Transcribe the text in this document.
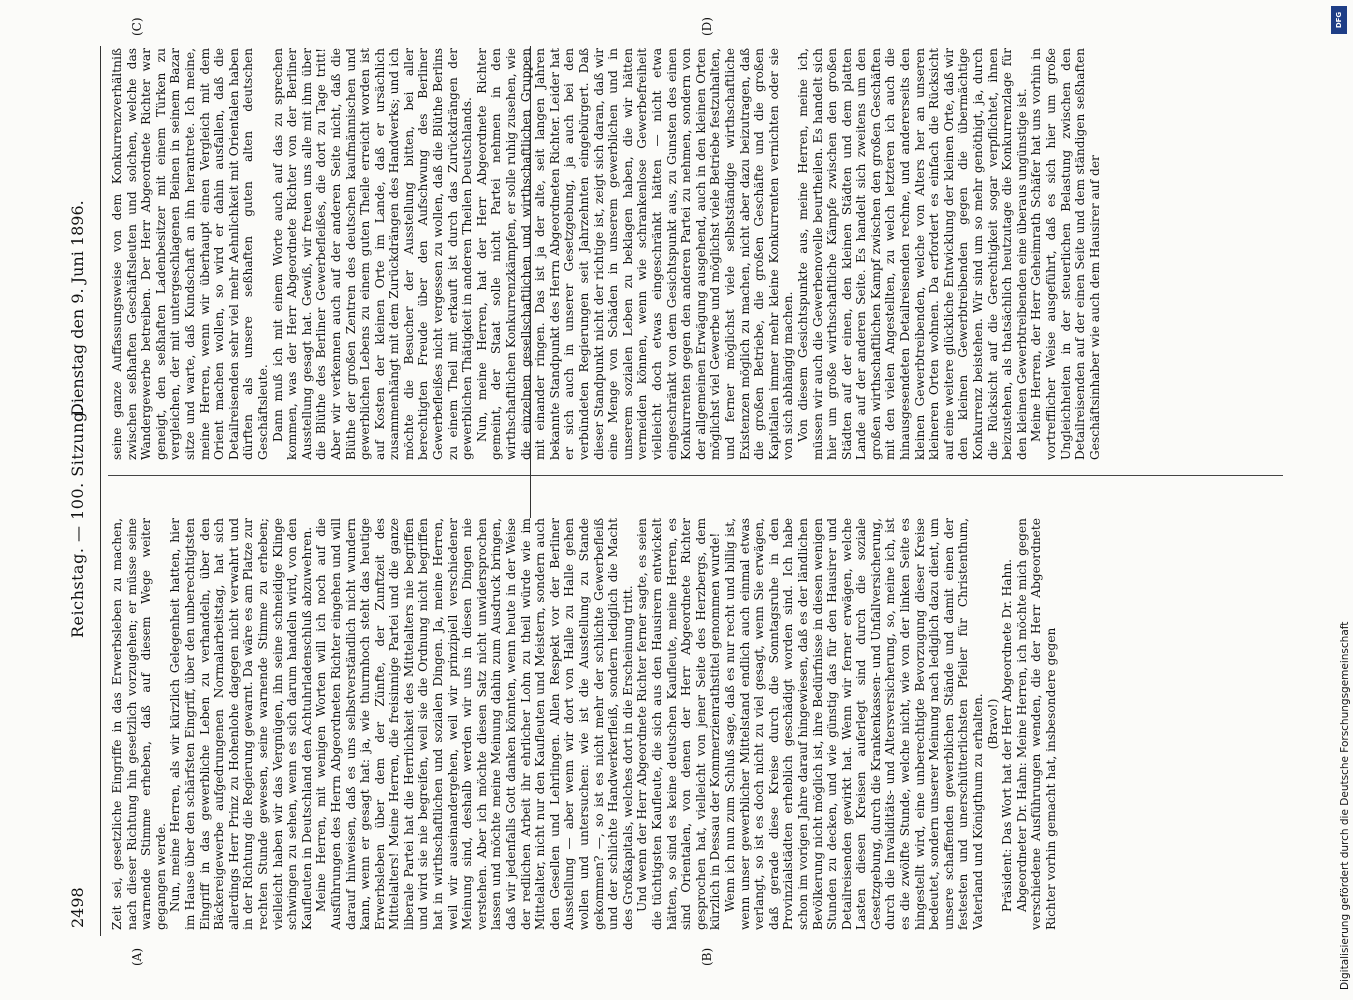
2498
Reichstag. — 100. Sitzung.
Dienstag den 9. Juni 1896.
(A)	(B)
(C)	(D)

Zeit sei, gesetzliche Eingriffe in das Erwerbsleben zu machen, nach dieser Richtung hin gesetzlich vorzugehen; er müsse seine warnende Stimme erheben, daß auf diesem Wege weiter gegangen werde. Nun, meine Herren, als wir kürzlich Gelegenheit hatten, hier im Hause über den schärfsten Eingriff, über den unberechtigtsten Eingriff in das gewerbliche Leben zu verhandeln, über den Bäckereigewerbe aufgedrungenen Normalarbeitstag, hat sich allerdings Herr Prinz zu Hohenlohe dagegen nicht verwahrt und in der Richtung die Regierung gewarnt. Da wäre es am Platze zur rechten Stunde gewesen, seine warnende Stimme zu erheben; vielleicht haben wir das Vergnügen, ihn seine schneidige Klinge schwingen zu sehen, wenn es sich darum handeln wird, von den Kaufleuten in Deutschland den Achtuhrladenschluß abzuwehren. Meine Herren, mit wenigen Worten will ich noch auf die Ausführungen des Herrn Abgeordneten Richter eingehen und will darauf hinweisen, daß es uns selbstverständlich nicht wundern kann, wenn er gesagt hat: ja, wie thurmhoch steht das heutige Erwerbsleben über dem der Zünfte, der Zunftzeit des Mittelalters! Meine Herren, die freisinnige Partei und die ganze liberale Partei hat die Herrlichkeit des Mittelalters nie begriffen und wird sie nie begreifen, weil sie die Ordnung nicht begriffen hat in wirthschaftlichen und sozialen Dingen. Ja, meine Herren, weil wir auseinandergehen, weil wir prinzipiell verschiedener Meinung sind, deshalb werden wir uns in diesen Dingen nie verstehen. Aber ich möchte diesen Satz nicht unwidersprochen lassen und möchte meine Meinung dahin zum Ausdruck bringen, daß wir jedenfalls Gott danken könnten, wenn heute in der Weise der redlichen Arbeit ihr ehrlicher Lohn zu theil würde wie im Mittelalter, nicht nur den Kaufleuten und Meistern, sondern auch den Gesellen und Lehrlingen. Allen Respekt vor der Berliner Ausstellung — aber wenn wir dort von Halle zu Halle gehen wollen und untersuchen: wie ist die Ausstellung zu Stande gekommen? —, so ist es nicht mehr der schlichte Gewerbefleiß und der schlichte Handwerkerfleiß, sondern lediglich die Macht des Großkapitals, welches dort in die Erscheinung tritt. Und wenn der Herr Abgeordnete Richter ferner sagte, es seien die tüchtigsten Kaufleute, die sich aus den Hausirern entwickelt hätten, so sind es keine deutschen Kaufleute, meine Herren, es sind Orientalen, von denen der Herr Abgeordnete Richter gesprochen hat, vielleicht von jener Seite des Herzbergs, dem kürzlich in Dessau der Kommerzienrathstitel genommen wurde! Wenn ich nun zum Schluß sage, daß es nur recht und billig ist, wenn unser gewerblicher Mittelstand endlich auch einmal etwas verlangt, so ist es doch nicht zu viel gesagt, wenn Sie erwägen, daß gerade diese Kreise durch die Sonntagsruhe in den Provinzialstädten erheblich geschädigt worden sind. Ich habe schon im vorigen Jahre darauf hingewiesen, daß es der ländlichen Bevölkerung nicht möglich ist, ihre Bedürfnisse in diesen wenigen Stunden zu decken, und wie günstig das für den Hausirer und Detailreisenden gewirkt hat. Wenn wir ferner erwägen, welche Lasten diesen Kreisen auferlegt sind durch die soziale Gesetzgebung, durch die Krankenkassen- und Unfallversicherung, durch die Invaliditäts- und Altersversicherung, so, meine ich, ist es die zwölfte Stunde, welche nicht, wie von der linken Seite es hingestellt wird, eine unberechtigte Bevorzugung dieser Kreise bedeutet, sondern unserer Meinung nach lediglich dazu dient, um unsere schaffenden gewerblichen Stände und damit einen der festesten und unerschütterlichsten Pfeiler für Christenthum, Vaterland und Königthum zu erhalten. (Bravo!) Präsident: Das Wort hat der Herr Abgeordnete Dr. Hahn. Abgeordneter Dr. Hahn: Meine Herren, ich möchte mich gegen verschiedene Ausführungen wenden, die der Herr Abgeordnete Richter vorhin gemacht hat, insbesondere gegen

seine ganze Auffassungsweise von dem Konkurrenzverhältniß zwischen seßhaften Geschäftsleuten und solchen, welche das Wandergewerbe betreiben. Der Herr Abgeordnete Richter war geneigt, den seßhaften Ladenbesitzer mit einem Türken zu vergleichen, der mit untergeschlagenen Beinen in seinem Bazar sitze und warte, daß Kundschaft an ihn herantrete. Ich meine, meine Herren, wenn wir überhaupt einen Vergleich mit dem Orient machen wollen, so wird er dahin ausfallen, daß die Detailreisenden sehr viel mehr Aehnlichkeit mit Orientalen haben dürften als unsere seßhaften guten alten deutschen Geschäftsleute. Dann muß ich mit einem Worte auch auf das zu sprechen kommen, was der Herr Abgeordnete Richter von der Berliner Ausstellung gesagt hat. Gewiß, wir freuen uns alle mit ihm über die Blüthe des Berliner Gewerbefleißes, die dort zu Tage tritt! Aber wir verkennen auch auf der anderen Seite nicht, daß die Blüthe der großen Zentren des deutschen kaufmännischen und gewerblichen Lebens zu einem guten Theile erreicht worden ist auf Kosten der kleinen Orte im Lande, daß er ursächlich zusammenhängt mit dem Zurückdrängen des Handwerks; und ich möchte die Besucher der Ausstellung bitten, bei aller berechtigten Freude über den Aufschwung des Berliner Gewerbefleißes nicht vergessen zu wollen, daß die Blüthe Berlins zu einem Theil mit erkauft ist durch das Zurückdrängen der gewerblichen Thätigkeit in anderen Theilen Deutschlands. Nun, meine Herren, hat der Herr Abgeordnete Richter gemeint, der Staat solle nicht Partei nehmen in den wirthschaftlichen Konkurrenzkämpfen, er solle ruhig zusehen, wie die einzelnen gesellschaftlichen und wirthschaftlichen Gruppen mit einander ringen. Das ist ja der alte, seit langen Jahren bekannte Standpunkt des Herrn Abgeordneten Richter. Leider hat er sich auch in unserer Gesetzgebung, ja auch bei den verbündeten Regierungen seit Jahrzehnten eingebürgert. Daß dieser Standpunkt nicht der richtige ist, zeigt sich daran, daß wir eine Menge von Schäden in unserem gewerblichen und in unserem sozialen Leben zu beklagen haben, die wir hätten vermeiden können, wenn wie schrankenlose Gewerbefreiheit vielleicht doch etwas eingeschränkt hätten — nicht etwa eingeschränkt von dem Gesichtspunkt aus, zu Gunsten des einen Konkurrenten gegen den anderen Partei zu nehmen, sondern von der allgemeinen Erwägung ausgehend, auch in den kleinen Orten möglichst viel Gewerbe und möglichst viele Betriebe festzuhalten, und ferner möglichst viele selbstständige wirthschaftliche Existenzen möglich zu machen, nicht aber dazu beizutragen, daß die großen Betriebe, die großen Geschäfte und die großen Kapitalien immer mehr kleine Konkurrenten vernichten oder sie von sich abhängig machen. Von diesem Gesichtspunkte aus, meine Herren, meine ich, müssen wir auch die Gewerbenovelle beurtheilen. Es handelt sich hier um große wirthschaftliche Kämpfe zwischen den großen Städten auf der einen, den kleinen Städten und dem platten Lande auf der anderen Seite. Es handelt sich zweitens um den großen wirthschaftlichen Kampf zwischen den großen Geschäften mit den vielen Angestellten, zu welch letzteren ich auch die hinausgesendeten Detailreisenden rechne, und andererseits den kleinen Gewerbtreibenden, welche von Alters her an unseren kleineren Orten wohnen. Da erfordert es einfach die Rücksicht auf eine weitere glückliche Entwicklung der kleinen Orte, daß wir den kleinen Gewerbtreibenden gegen die übermächtige Konkurrenz beistehen. Wir sind um so mehr genöthigt, ja, durch die Rücksicht auf die Gerechtigkeit sogar verpflichtet, ihnen beizustehen, als thatsächlich heutzutage die Konkurrenzlage für den kleinen Gewerbtreibenden eine überaus ungünstige ist. Meine Herren, der Herr Geheimrath Schäfer hat uns vorhin in vortrefflicher Weise ausgeführt, daß es sich hier um große Ungleichheiten in der steuerlichen Belastung zwischen den Detailreisenden auf der einen Seite und dem ständigen seßhaften Geschäftsinhaber wie auch dem Hausirer auf der

DFG
Digitalisierung gefördert durch die Deutsche Forschungsgemeinschaft
